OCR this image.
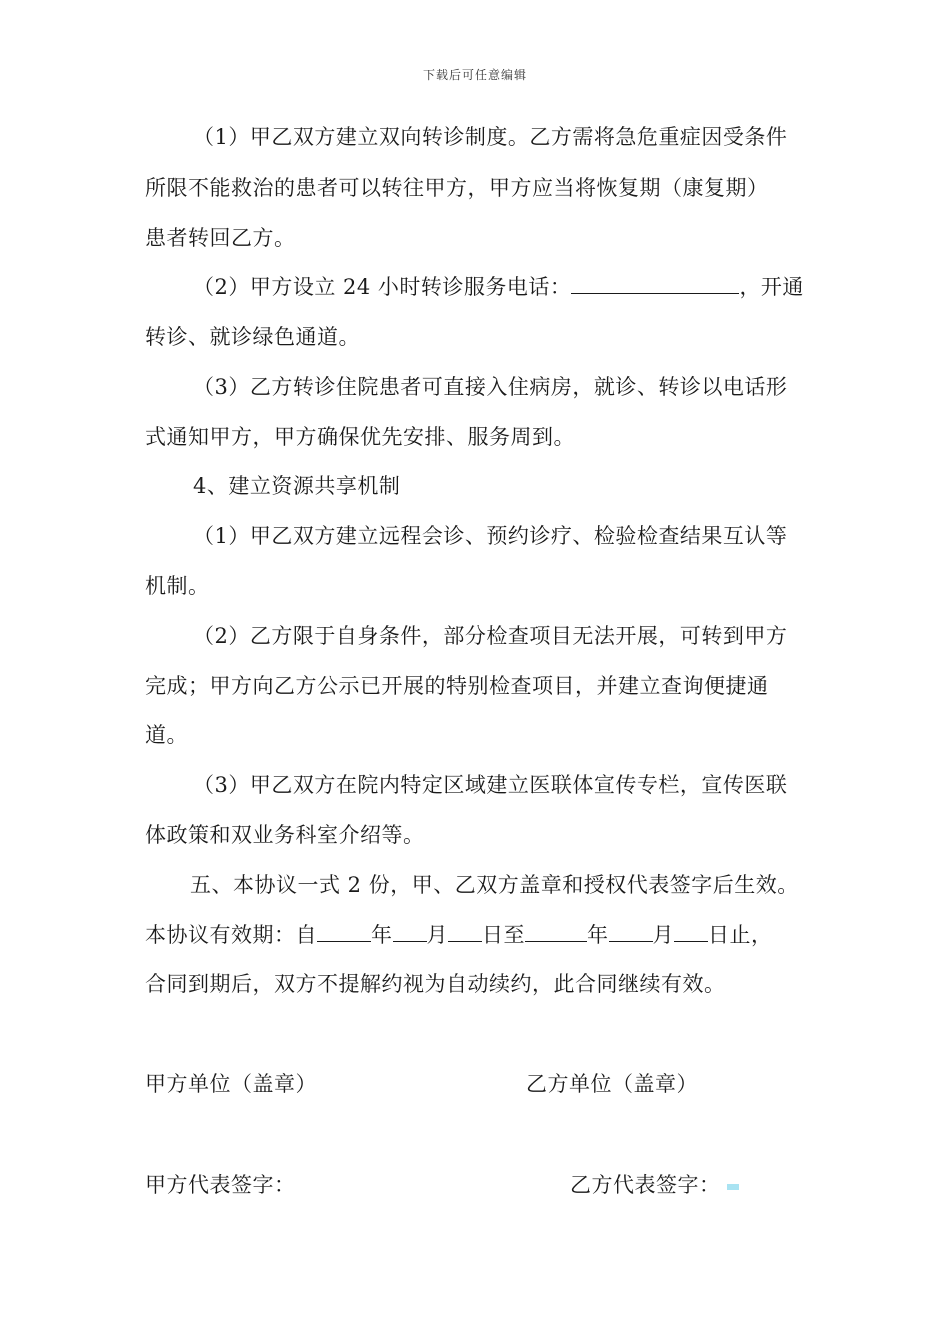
下载后可任意编辑
（1）甲乙双方建立双向转诊制度。乙方需将急危重症因受条件
所限不能救治的患者可以转往甲方，甲方应当将恢复期（康复期）
患者转回乙方。
（2）甲方设立 24 小时转诊服务电话：	，开通
转诊、就诊绿色通道。
（3）乙方转诊住院患者可直接入住病房，就诊、转诊以电话形
式通知甲方，甲方确保优先安排、服务周到。
4、建立资源共享机制
（1）甲乙双方建立远程会诊、预约诊疗、检验检查结果互认等
机制。
（2）乙方限于自身条件，部分检查项目无法开展，可转到甲方
完成；甲方向乙方公示已开展的特别检查项目，并建立查询便捷通
道。
（3）甲乙双方在院内特定区域建立医联体宣传专栏，宣传医联
体政策和双业务科室介绍等。
五、本协议一式 2 份，甲、乙双方盖章和授权代表签字后生效。
本协议有效期：自	年 月 日至	年 月 日止，
合同到期后，双方不提解约视为自动续约，此合同继续有效。
甲方单位（盖章）	乙方单位（盖章）
甲方代表签字：	乙方代表签字：
